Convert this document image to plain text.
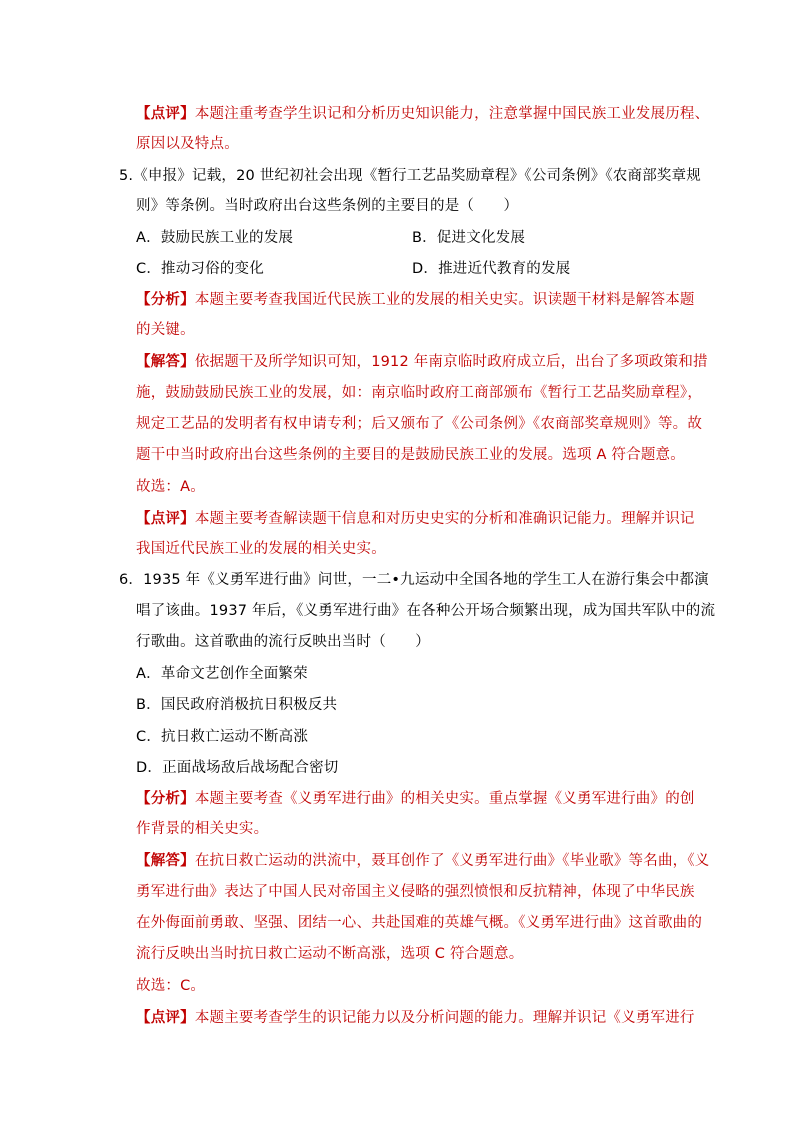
【点评】本题注重考查学生识记和分析历史知识能力，注意掌握中国民族工业发展历程、
原因以及特点。
5.《申报》记载，20 世纪初社会出现《暂行工艺品奖励章程》《公司条例》《农商部奖章规
则》等条例。当时政府出台这些条例的主要目的是（　　）
A．鼓励民族工业的发展	B．促进文化发展
C．推动习俗的变化	D．推进近代教育的发展
【分析】本题主要考查我国近代民族工业的发展的相关史实。识读题干材料是解答本题
的关键。
【解答】依据题干及所学知识可知，1912 年南京临时政府成立后，出台了多项政策和措
施，鼓励鼓励民族工业的发展，如：南京临时政府工商部颁布《暂行工艺品奖励章程》，
规定工艺品的发明者有权申请专利；后又颁布了《公司条例》《农商部奖章规则》等。故
题干中当时政府出台这些条例的主要目的是鼓励民族工业的发展。选项 A 符合题意。
故选：A。
【点评】本题主要考查解读题干信息和对历史史实的分析和准确识记能力。理解并识记
我国近代民族工业的发展的相关史实。
6．1935 年《义勇军进行曲》问世，一二•九运动中全国各地的学生工人在游行集会中都演
唱了该曲。1937 年后，《义勇军进行曲》在各种公开场合频繁出现，成为国共军队中的流
行歌曲。这首歌曲的流行反映出当时（　　）
A．革命文艺创作全面繁荣
B．国民政府消极抗日积极反共
C．抗日救亡运动不断高涨
D．正面战场敌后战场配合密切
【分析】本题主要考查《义勇军进行曲》的相关史实。重点掌握《义勇军进行曲》的创
作背景的相关史实。
【解答】在抗日救亡运动的洪流中，聂耳创作了《义勇军进行曲》《毕业歌》等名曲，《义
勇军进行曲》表达了中国人民对帝国主义侵略的强烈愤恨和反抗精神，体现了中华民族
在外侮面前勇敢、坚强、团结一心、共赴国难的英雄气概。《义勇军进行曲》这首歌曲的
流行反映出当时抗日救亡运动不断高涨，选项 C 符合题意。
故选：C。
【点评】本题主要考查学生的识记能力以及分析问题的能力。理解并识记《义勇军进行
